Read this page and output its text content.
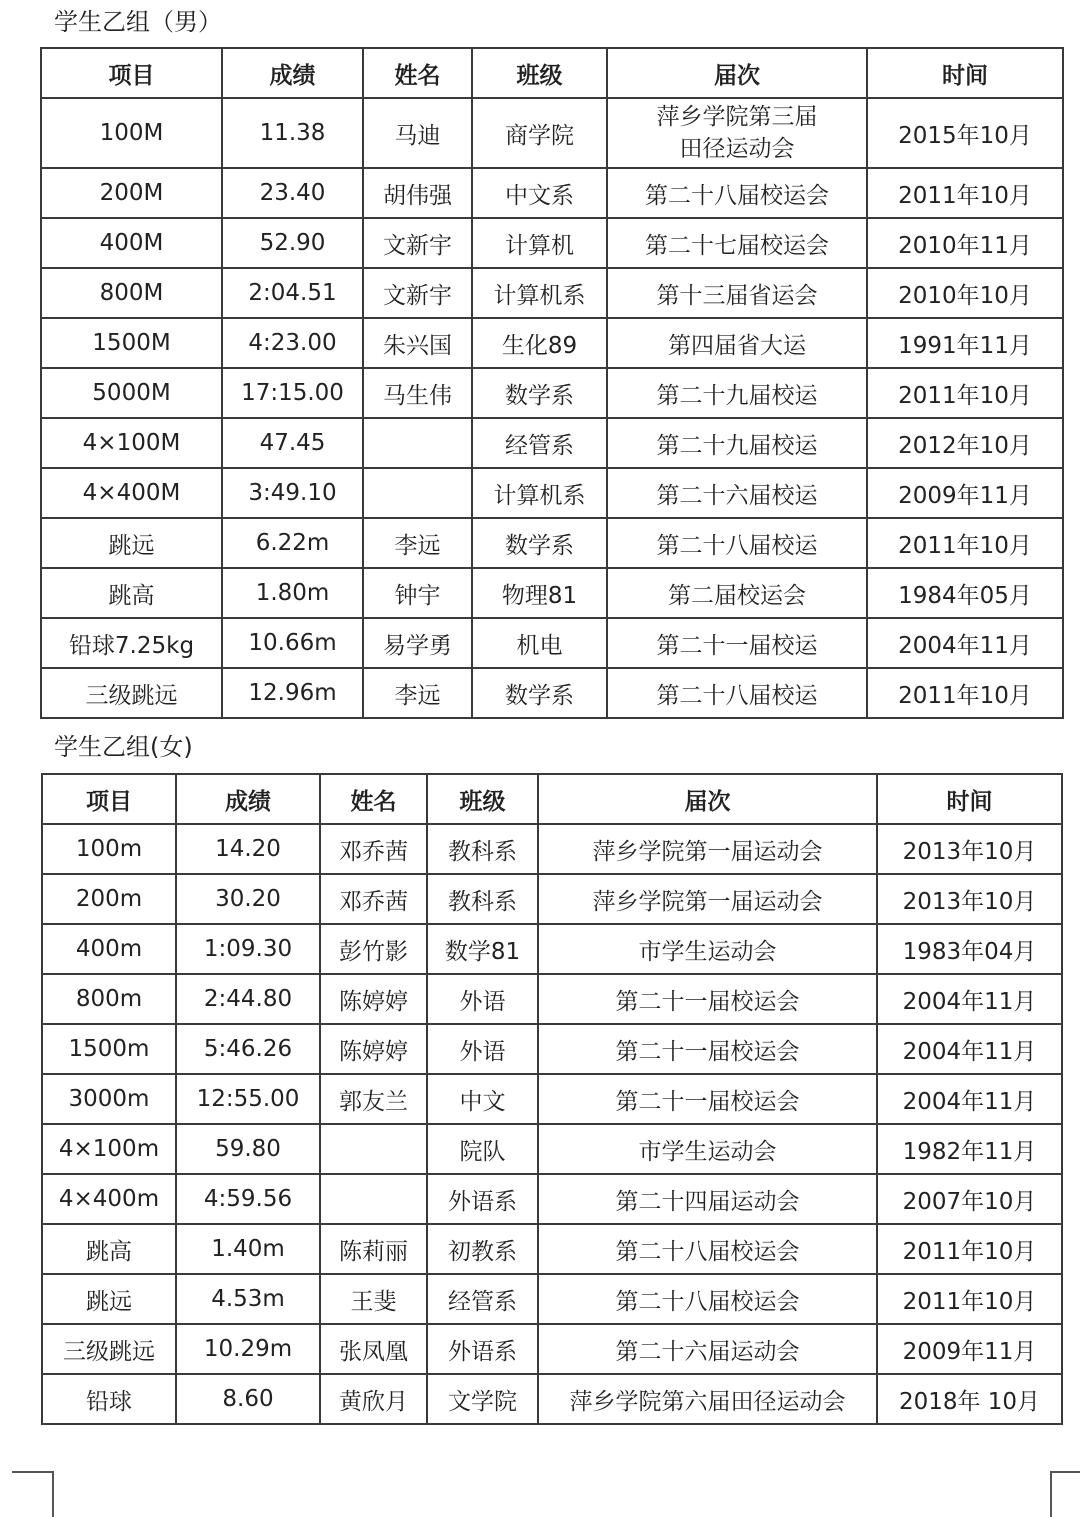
学生乙组（男）
项目	成绩	姓名	班级	届次	时间
100M	11.38	马迪	商学院	萍乡学院第三届田径运动会	2015年10月
200M	23.40	胡伟强	中文系	第二十八届校运会	2011年10月
400M	52.90	文新宇	计算机	第二十七届校运会	2010年11月
800M	2:04.51	文新宇	计算机系	第十三届省运会	2010年10月
1500M	4:23.00	朱兴国	生化89	第四届省大运	1991年11月
5000M	17:15.00	马生伟	数学系	第二十九届校运	2011年10月
4×100M	47.45		经管系	第二十九届校运	2012年10月
4×400M	3:49.10		计算机系	第二十六届校运	2009年11月
跳远	6.22m	李远	数学系	第二十八届校运	2011年10月
跳高	1.80m	钟宇	物理81	第二届校运会	1984年05月
铅球7.25kg	10.66m	易学勇	机电	第二十一届校运	2004年11月
三级跳远	12.96m	李远	数学系	第二十八届校运	2011年10月
学生乙组(女)
项目	成绩	姓名	班级	届次	时间
100m	14.20	邓乔茜	教科系	萍乡学院第一届运动会	2013年10月
200m	30.20	邓乔茜	教科系	萍乡学院第一届运动会	2013年10月
400m	1:09.30	彭竹影	数学81	市学生运动会	1983年04月
800m	2:44.80	陈婷婷	外语	第二十一届校运会	2004年11月
1500m	5:46.26	陈婷婷	外语	第二十一届校运会	2004年11月
3000m	12:55.00	郭友兰	中文	第二十一届校运会	2004年11月
4×100m	59.80		院队	市学生运动会	1982年11月
4×400m	4:59.56		外语系	第二十四届运动会	2007年10月
跳高	1.40m	陈莉丽	初教系	第二十八届校运会	2011年10月
跳远	4.53m	王斐	经管系	第二十八届校运会	2011年10月
三级跳远	10.29m	张凤凰	外语系	第二十六届运动会	2009年11月
铅球	8.60	黄欣月	文学院	萍乡学院第六届田径运动会	2018年 10月
